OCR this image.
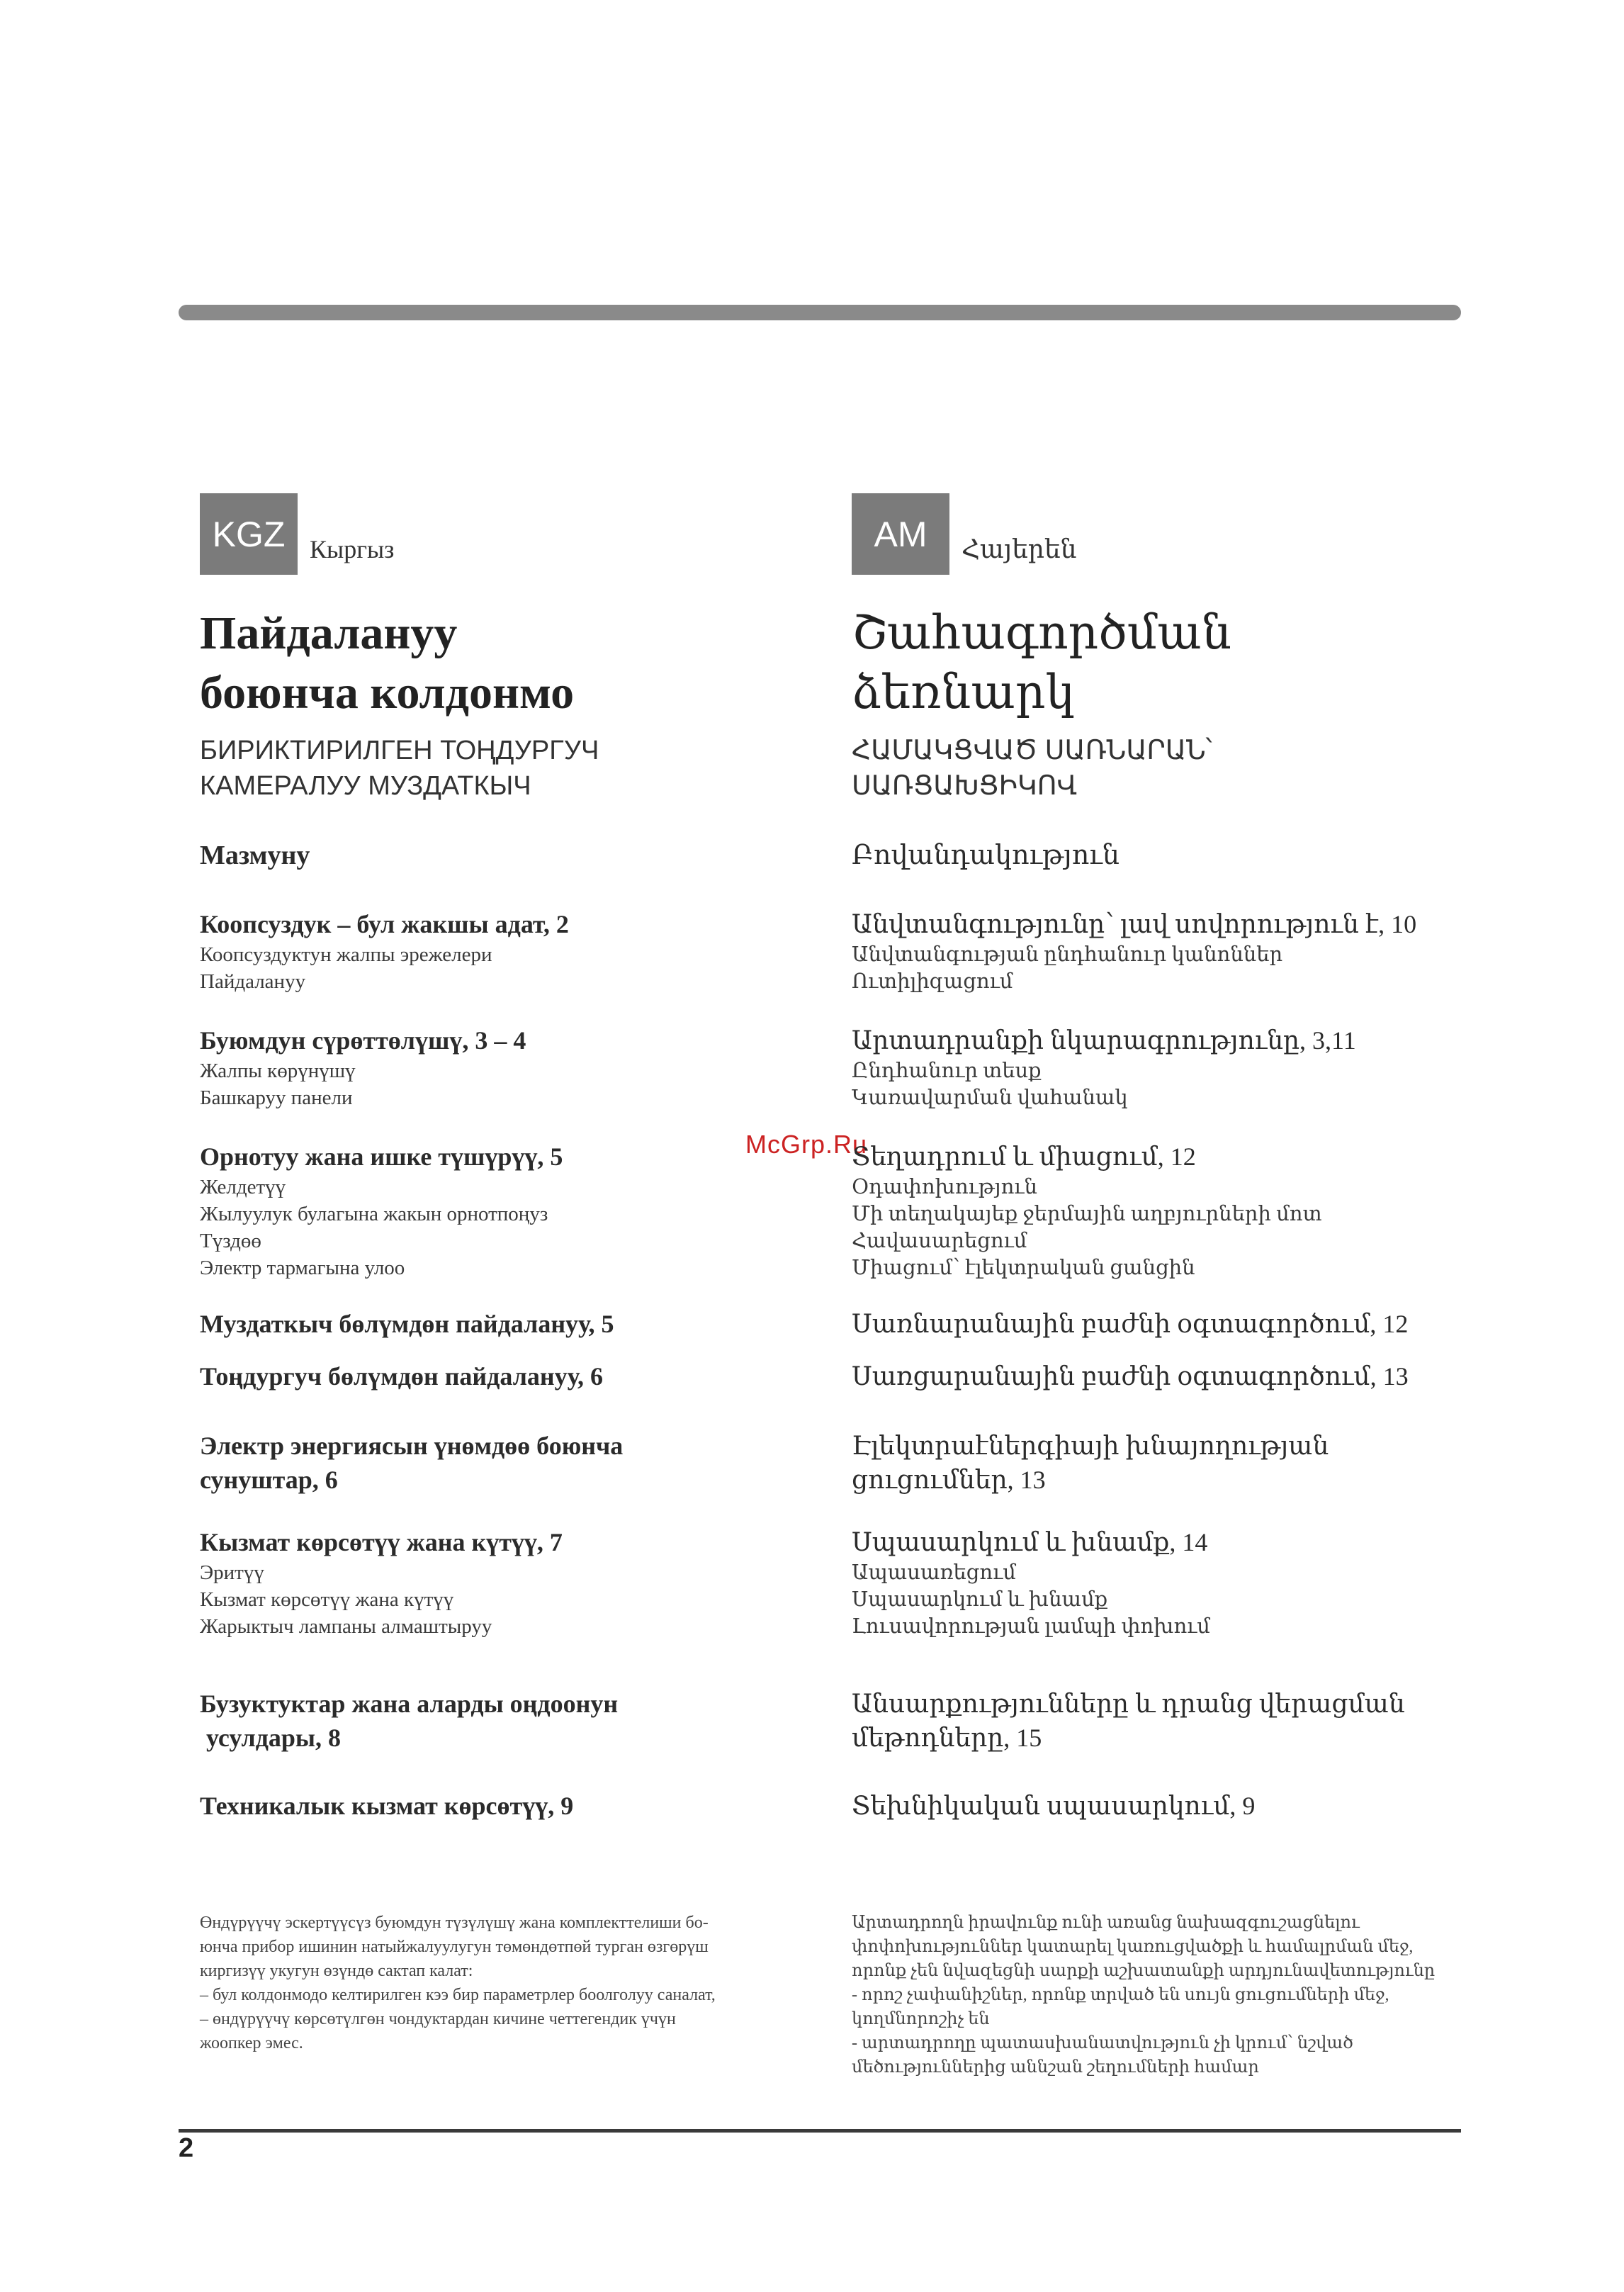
McGrp.Ru
KGZ Кыргыз
Пайдалануу
боюнча колдонмо
БИРИКТИРИЛГЕН ТОҢДУРГУЧ
КАМЕРАЛУУ МУЗДАТКЫЧ
Мазмуну
Коопсуздук – бул жакшы адат, 2
Коопсуздуктун жалпы эрежелери
Пайдалануу
Буюмдун сүрөттөлүшү, 3 – 4
Жалпы көрүнүшү
Башкаруу панели
Орнотуу жана ишке түшүрүү, 5
Желдетүү
Жылуулук булагына жакын орнотпоңуз
Түздөө
Электр тармагына улоо
Муздаткыч бөлүмдөн пайдалануу, 5
Тоңдургуч бөлүмдөн пайдалануу, 6
Электр энергиясын үнөмдөө боюнча
сунуштар, 6
Кызмат көрсөтүү жана күтүү, 7
Эритүү
Кызмат көрсөтүү жана күтүү
Жарыктыч лампаны алмаштыруу
Бузуктуктар жана аларды оңдоонун
усулдары, 8
Техникалык кызмат көрсөтүү, 9
AM	Հայերեն
Շահագործման
ձեռնարկ
ՀԱՄԱԿՑՎԱԾ ՍԱՌՆԱՐԱՆ՝
ՍԱՌՑԱԽՑԻԿՈՎ
Բովանդակություն
Անվտանգությունը՝ լավ սովորություն է, 10
Անվտանգության ընդհանուր կանոններ
Ուտիլիզացում
Արտադրանքի նկարագրությունը, 3,11
Ընդհանուր տեսք
Կառավարման վահանակ
Տեղադրում և միացում, 12
Օդափոխություն
Մի տեղակայեք ջերմային աղբյուրների մոտ
Հավասարեցում
Միացում՝ էլեկտրական ցանցին
Սառնարանային բաժնի օգտագործում, 12
Սառցարանային բաժնի օգտագործում, 13
Էլեկտրաէներգիայի խնայողության
ցուցումներ, 13
Սպասարկում և խնամք, 14
Ապասառեցում
Սպասարկում և խնամք
Լուսավորության լամպի փոխում
Անսարքությունները և դրանց վերացման
մեթոդները, 15
Տեխնիկական սպասարկում, 9
Өндүрүүчү эскертүүсүз буюмдун түзүлүшү жана комплекттелиши бо-
юнча прибор ишинин натыйжалуулугун төмөндөтпөй турган өзгөрүш
киргизүү укугун өзүндө сактап калат:
– бул колдонмодо келтирилген кээ бир параметрлер боолголуу саналат,
– өндүрүүчү көрсөтүлгөн чондуктардан кичине четтегендик үчүн
жоопкер эмес.
Արտադրողն իրավունք ունի առանց նախազգուշացնելու
փոփոխություններ կատարել կառուցվածքի և համալրման մեջ,
որոնք չեն նվազեցնի սարքի աշխատանքի արդյունավետությունը
- որոշ չափանիշներ, որոնք տրված են սույն ցուցումների մեջ,
կողմնորոշիչ են
- արտադրողը պատասխանատվություն չի կրում՝ նշված
մեծություններից աննշան շեղումների համար
2
